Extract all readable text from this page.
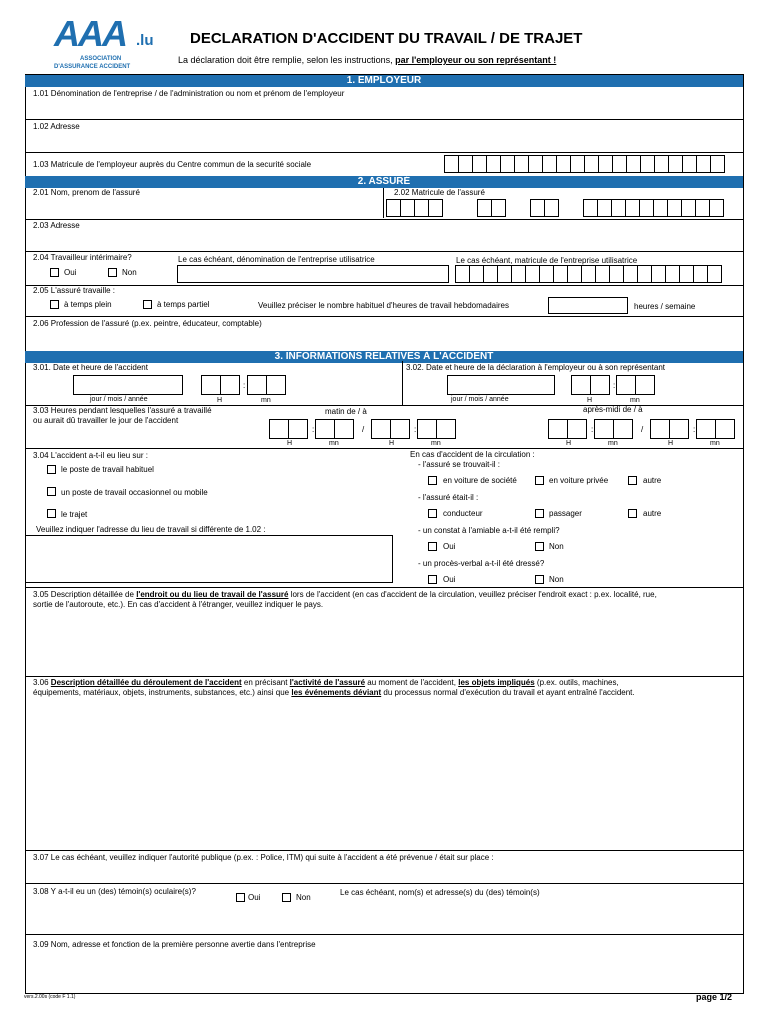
AAA .lu
ASSOCIATION
D'ASSURANCE ACCIDENT
DECLARATION D'ACCIDENT DU TRAVAIL / DE TRAJET
La déclaration doit être remplie, selon les instructions, par l'employeur ou son représentant !
1. EMPLOYEUR
1.01 Dénomination de l'entreprise / de l'administration ou nom et prénom de l'employeur
1.02 Adresse
1.03 Matricule de l'employeur auprès du Centre commun de la securité sociale
2. ASSURÉ
2.01 Nom, prenom de l'assuré	2.02 Matricule de l'assuré
2.03 Adresse
2.04 Travailleur intérimaire?
Oui	Non
Le cas échéant, dénomination de l'entreprise utilisatrice	Le cas échéant, matricule de l'entreprise utilisatrice
2.05 L'assuré travaille :
à temps plein	à temps partiel	Veuillez préciser le nombre habituel d'heures de travail hebdomadaires	heures / semaine
2.06 Profession de l'assuré (p.ex. peintre, éducateur, comptable)
3. INFORMATIONS RELATIVES À L'ACCIDENT
3.01. Date et heure de l'accident
jour / mois / année
:
H	mn
3.02. Date et heure de la déclaration à l'employeur ou à son représentant
jour / mois / année
:
H	mn
3.03 Heures pendant lesquelles l'assuré a travaillé
ou aurait dû travailler le jour de l'accident
matin de / à	après-midi de / à
:	/	:
H	mn	H	mn
:	/	:
H	mn	H	mn
3.04 L'accident a-t-il eu lieu sur :
le poste de travail habituel
un poste de travail occasionnel ou mobile
le trajet
Veuillez indiquer l'adresse du lieu de travail si différente de 1.02 :
En cas d'accident de la circulation :
- l'assuré se trouvait-il :
en voiture de société	en voiture privée	autre
- l'assuré était-il :
conducteur	passager	autre
- un constat à l'amiable a-t-il été rempli?
Oui	Non
- un procès-verbal a-t-il été dressé?
Oui	Non
3.05 Description détaillée de l'endroit ou du lieu de travail de l'assuré lors de l'accident (en cas d'accident de la circulation, veuillez préciser l'endroit exact : p.ex. localité, rue,
sortie de l'autoroute, etc.). En cas d'accident à l'étranger, veuillez indiquer le pays.
3.06 Description détaillée du déroulement de l'accident en précisant l'activité de l'assuré au moment de l'accident, les objets impliqués (p.ex. outils, machines,
équipements, matériaux, objets, instruments, substances, etc.) ainsi que les événements déviant du processus normal d'exécution du travail et ayant entraîné l'accident.
3.07 Le cas échéant, veuillez indiquer l'autorité publique (p.ex. : Police, ITM) qui suite à l'accident a été prévenue / était sur place :
3.08 Y a-t-il eu un (des) témoin(s) oculaire(s)?
Oui	Non
Le cas échéant, nom(s) et adresse(s) du (des) témoin(s)
3.09 Nom, adresse et fonction de la première personne avertie dans l'entreprise
vers.2.00s (code F 1.1)	page 1/2
